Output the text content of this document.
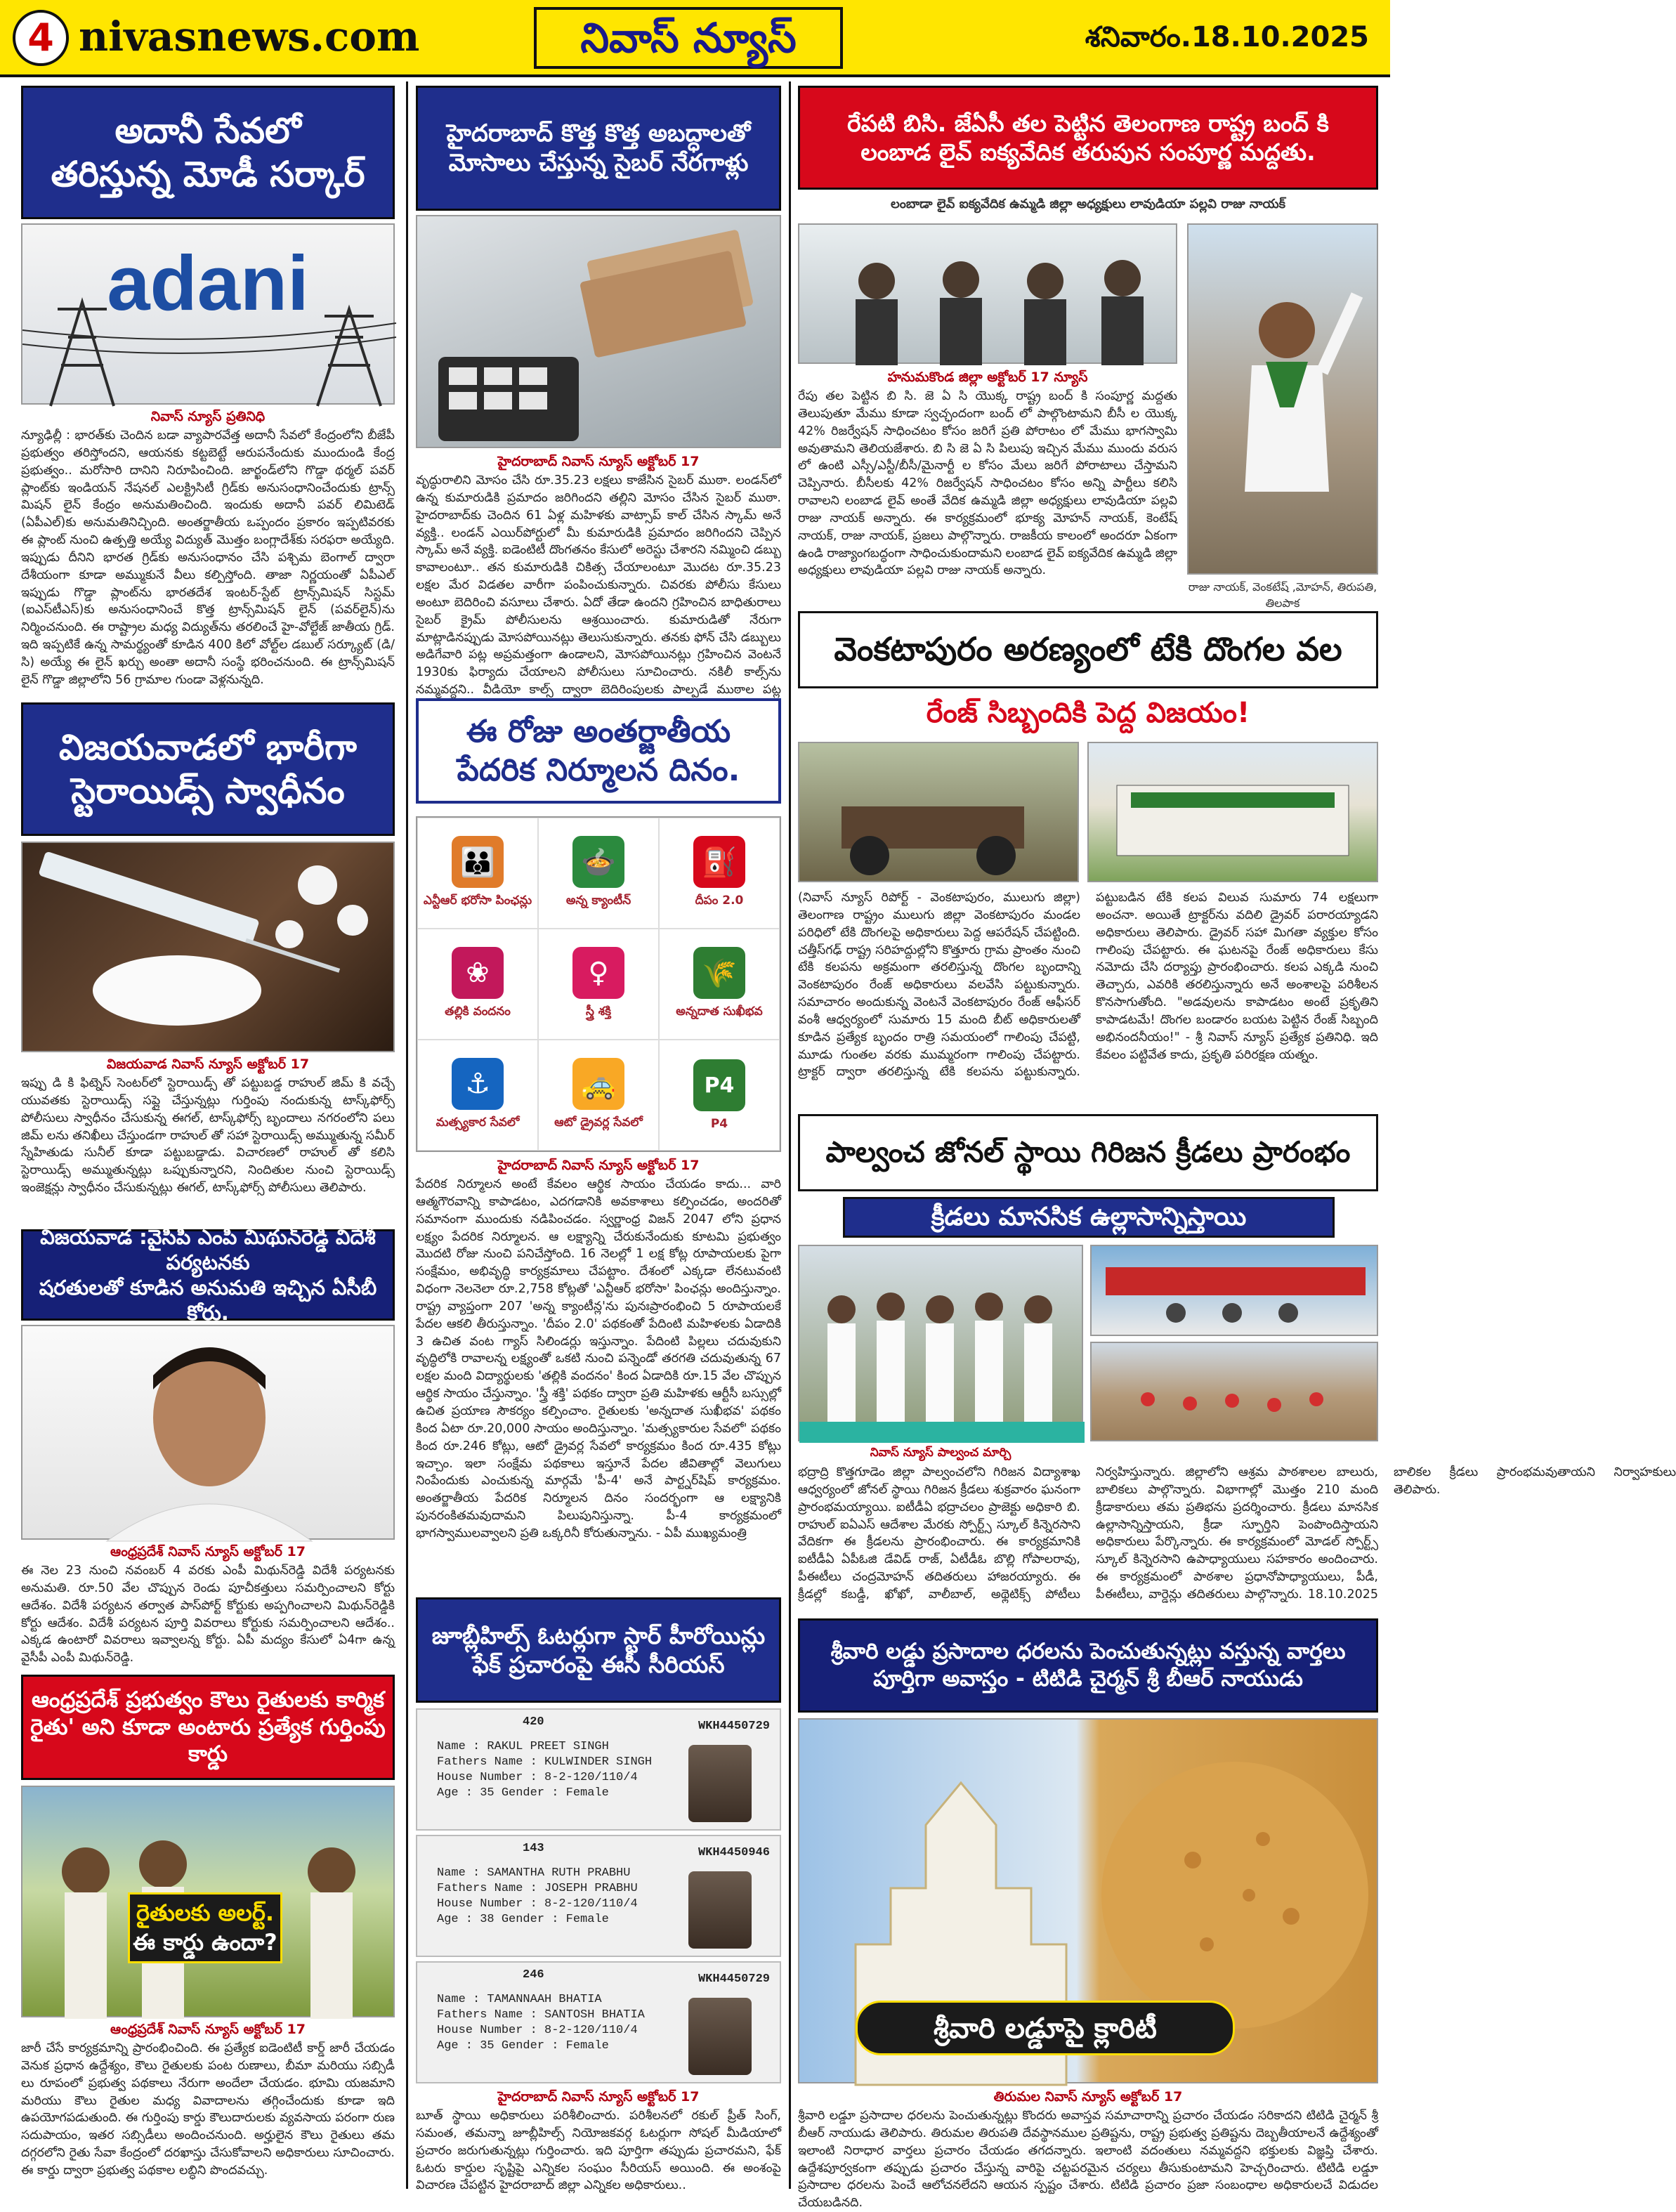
4 nivasnews.com	నివాస్ న్యూస్	శనివారం.18.10.2025
అదానీ సేవలో
తరిస్తున్న మోడీ సర్కార్
adani
నివాస్ న్యూస్ ప్రతినిధి
న్యూఢిల్లీ : భారత్‌కు చెందిన బడా వ్యాపారవేత్త అదానీ సేవలో కేంద్రంలోని బీజేపీ ప్రభుత్వం తరిస్తోందని, ఆయనకు కట్టబెట్టే ఆరుపనేందుకు ముందుండి కేంద్ర ప్రభుత్వం.. మరోసారి దానిని నిరూపించింది. జార్ఖండ్‌లోని గొడ్డా థర్మల్ పవర్ ప్లాంట్‌కు ఇండియన్ నేషనల్ ఎలక్ట్రిసిటీ గ్రిడ్‌కు అనుసంధానించేందుకు ట్రాన్స్ మిషన్ లైన్‌ కేంద్రం అనుమతించింది. ఇందుకు అదానీ పవర్ లిమిటెడ్ (ఏపీఎల్)కు అనుమతినిచ్చింది. అంతర్జాతీయ ఒప్పందం ప్రకారం ఇప్పటివరకు ఈ ప్లాంట్ నుంచి ఉత్పత్తి అయ్యే విద్యుత్ మొత్తం బంగ్లాదేశ్‌కు సరఫరా అయ్యేది. ఇప్పుడు దీనిని భారత గ్రిడ్‌కు అనుసంధానం చేసి పశ్చిమ బెంగాల్ ద్వారా దేశీయంగా కూడా అమ్ముకునే వీలు కల్పిస్తోంది. తాజా నిర్ణయంతో ఏపీఎల్ ఇప్పుడు గొడ్డా ప్లాంట్‌ను భారతదేశ ఇంటర్-స్టేట్ ట్రాన్స్‌మిషన్ సిస్టమ్ (ఐఎస్‌టీఎస్)కు అనుసంధానించే కొత్త ట్రాన్స్‌మిషన్ లైన్ (పవర్‌లైన్)ను నిర్మించనుంది. ఈ రాష్ట్రాల మధ్య విద్యుత్‌ను తరలించే హై-వోల్టేజ్ జాతీయ గ్రిడ్. ఇది ఇప్పటికే ఉన్న సామర్థ్యంతో కూడిన 400 కిలో వోల్ట్‌ల డబుల్ సర్క్యూట్ (డి/సి) అయ్యే ఈ లైన్ ఖర్చు అంతా అదానీ సంస్థే భరించనుంది. ఈ ట్రాన్స్‌మిషన్ లైన్ గొడ్డా జిల్లాలోని 56 గ్రామాల గుండా వెళ్లనున్నది.
విజయవాడలో భారీగా
స్టెరాయిడ్స్ స్వాధీనం
విజయవాడ నివాస్ న్యూస్ అక్టోబర్ 17
ఇప్పు డి కి ఫిట్నెస్ సెంటర్‌లో స్టెరాయిడ్స్ తో పట్టుబడ్డ రాహుల్ జిమ్ కి వచ్చే యువతకు స్టెరాయిడ్స్ సప్లై చేస్తున్నట్లు గుర్తింపు నందుకున్న టాస్క్‌ఫోర్స్ పోలీసులు స్వాధీనం చేసుకున్న ఈగల్, టాస్క్‌ఫోర్స్ బృందాలు నగరంలోని పలు జిమ్ లను తనిఖీలు చేస్తుండగా రాహుల్ తో సహా స్టెరాయిడ్స్ అమ్ముతున్న సమీర్ స్నేహితుడు సునీల్ కూడా పట్టుబడ్డాడు. విచారణలో రాహుల్ తో కలిసి స్టెరాయిడ్స్ అమ్ముతున్నట్లు ఒప్పుకున్నారని, నిందితుల నుంచి స్టెరాయిడ్స్ ఇంజెక్షన్లు స్వాధీనం చేసుకున్నట్లు ఈగల్, టాస్క్‌ఫోర్స్ పోలీసులు తెలిపారు.
విజయవాడ :వైసీపీ ఎంపీ మిథున్‌రెడ్డి విదేశీ పర్యటనకు
షరతులతో కూడిన అనుమతి ఇచ్చిన ఏసీబీ కోర్టు.
ఆంధ్రప్రదేశ్ నివాస్ న్యూస్ అక్టోబర్ 17
ఈ నెల 23 నుంచి నవంబర్ 4 వరకు ఎంపీ మిథున్‌రెడ్డి విదేశీ పర్యటనకు అనుమతి. రూ.50 వేల చొప్పున రెండు పూచీకత్తులు సమర్పించాలని కోర్టు ఆదేశం. విదేశీ పర్యటన తర్వాత పాస్‌పోర్ట్ కోర్టుకు అప్పగించాలని మిథున్‌రెడ్డికి కోర్టు ఆదేశం. విదేశీ పర్యటన పూర్తి వివరాలు కోర్టుకు సమర్పించాలని ఆదేశం.. ఎక్కడ ఉంటారో వివరాలు ఇవ్వాలన్న కోర్టు. ఏపీ మద్యం కేసులో ఏ4గా ఉన్న వైసీపీ ఎంపీ మిథున్‌రెడ్డి.
ఆంధ్రప్రదేశ్ ప్రభుత్వం కౌలు రైతులకు కార్మిక
రైతు' అని కూడా అంటారు ప్రత్యేక గుర్తింపు కార్డు
రైతులకు అలర్ట్.
ఈ కార్డు ఉందా?
ఆంధ్రప్రదేశ్ నివాస్ న్యూస్ అక్టోబర్ 17
జారీ చేసే కార్యక్రమాన్ని ప్రారంభించింది. ఈ ప్రత్యేక ఐడెంటిటీ కార్డ్ జారీ చేయడం వెనుక ప్రధాన ఉద్దేశ్యం, కౌలు రైతులకు పంట రుణాలు, బీమా మరియు సబ్సిడీ లు రూపంలో ప్రభుత్వ పథకాలు నేరుగా అందేలా చేయడం. భూమి యజమాని మరియు కౌలు రైతుల మధ్య వివాదాలను తగ్గించేందుకు కూడా ఇది ఉపయోగపడుతుంది. ఈ గుర్తింపు కార్డు కౌలుదారులకు వ్యవసాయ పరంగా రుణ సదుపాయం, ఇతర సబ్సిడీలు అందించనుంది. అర్హులైన కౌలు రైతులు తమ దగ్గరలోని రైతు సేవా కేంద్రంలో దరఖాస్తు చేసుకోవాలని అధికారులు సూచించారు. ఈ కార్డు ద్వారా ప్రభుత్వ పథకాల లబ్ధిని పొందవచ్చు.
హైదరాబాద్ కొత్త కొత్త అబద్ధాలతో
మోసాలు చేస్తున్న సైబర్ నేరగాళ్లు
హైదరాబాద్ నివాస్ న్యూస్ అక్టోబర్ 17
వృద్ధురాలిని మోసం చేసి రూ.35.23 లక్షలు కాజేసిన సైబర్ ముఠా. లండన్‌లో ఉన్న కుమారుడికి ప్రమాదం జరిగిందని తల్లిని మోసం చేసిన సైబర్ ముఠా. హైదరాబాద్‌కు చెందిన 61 ఏళ్ల మహిళకు వాట్సాప్ కాల్ చేసిన స్కామ్ అనే వ్యక్తి.. లండన్ ఎయిర్‌పోర్టులో మీ కుమారుడికి ప్రమాదం జరిగిందని చెప్పిన స్కామ్ అనే వ్యక్తి. ఐడెంటిటీ దొంగతనం కేసులో అరెస్టు చేశారని నమ్మించి డబ్బు కావాలంటూ.. తన కుమారుడికి చికిత్స చేయాలంటూ మొదట రూ.35.23 లక్షల మేర విడతల వారీగా పంపించుకున్నారు. చివరకు పోలీసు కేసులు అంటూ బెదిరించి వసూలు చేశారు. ఏదో తేడా ఉందని గ్రహించిన బాధితురాలు సైబర్ క్రైమ్ పోలీసులను ఆశ్రయించారు. కుమారుడితో నేరుగా మాట్లాడినప్పుడు మోసపోయినట్లు తెలుసుకున్నారు. తనకు ఫోన్ చేసి డబ్బులు అడిగేవారి పట్ల అప్రమత్తంగా ఉండాలని, మోసపోయినట్లు గ్రహించిన వెంటనే 1930కు ఫిర్యాదు చేయాలని పోలీసులు సూచించారు. నకిలీ కాల్స్‌ను నమ్మవద్దని.. వీడియో కాల్స్ ద్వారా బెదిరింపులకు పాల్పడే ముఠాల పట్ల
ఈ రోజు అంతర్జాతీయ
పేదరిక నిర్మూలన దినం.
👪
ఎన్టీఆర్ భరోసా పింఛన్లు
🍲
అన్న క్యాంటీన్
⛽
దీపం 2.0
❀
తల్లికి వందనం
♀
స్త్రీ శక్తి
🌾
అన్నదాత సుఖీభవ
⚓
మత్స్యకార సేవలో
🚕
ఆటో డ్రైవర్ల సేవలో
P4
P4
హైదరాబాద్ నివాస్ న్యూస్ అక్టోబర్ 17
పేదరిక నిర్మూలన అంటే కేవలం ఆర్థిక సాయం చేయడం కాదు... వారి ఆత్మగౌరవాన్ని కాపాడటం, ఎదగడానికి అవకాశాలు కల్పించడం, అందరితో సమానంగా ముందుకు నడిపించడం. స్వర్ణాంధ్ర విజన్ 2047 లోని ప్రధాన లక్ష్యం పేదరిక నిర్మూలన. ఆ లక్ష్యాన్ని చేరుకునేందుకు కూటమి ప్రభుత్వం మొదటి రోజు నుంచి పనిచేస్తోంది. 16 నెలల్లో 1 లక్ష కోట్ల రూపాయలకు పైగా సంక్షేమం, అభివృద్ధి కార్యక్రమాలు చేపట్టాం. దేశంలో ఎక్కడా లేనటువంటి విధంగా నెలనెలా రూ.2,758 కోట్లతో 'ఎన్టీఆర్ భరోసా' పింఛన్లు అందిస్తున్నాం. రాష్ట్ర వ్యాప్తంగా 207 'అన్న క్యాంటీన్ల'ను పునఃప్రారంభించి 5 రూపాయలకే పేదల ఆకలి తీరుస్తున్నాం. 'దీపం 2.0' పథకంతో పేదింటి మహిళలకు ఏడాదికి 3 ఉచిత వంట గ్యాస్ సిలిండర్లు ఇస్తున్నాం. పేదింటి పిల్లలు చదువుకుని వృద్ధిలోకి రావాలన్న లక్ష్యంతో ఒకటి నుంచి పన్నెండో తరగతి చదువుతున్న 67 లక్షల మంది విద్యార్థులకు 'తల్లికి వందనం' కింద ఏడాదికి రూ.15 వేల చొప్పున ఆర్థిక సాయం చేస్తున్నాం. 'స్త్రీ శక్తి' పథకం ద్వారా ప్రతి మహిళకు ఆర్టీసీ బస్సుల్లో ఉచిత ప్రయాణ సౌకర్యం కల్పించాం. రైతులకు 'అన్నదాత సుఖీభవ' పథకం కింద ఏటా రూ.20,000 సాయం అందిస్తున్నాం. 'మత్స్యకారుల సేవలో' పథకం కింద రూ.246 కోట్లు, ఆటో డ్రైవర్ల సేవలో కార్యక్రమం కింద రూ.435 కోట్లు ఇచ్చాం. ఇలా సంక్షేమ పథకాలు ఇస్తూనే పేదల జీవితాల్లో వెలుగులు నింపేందుకు ఎంచుకున్న మార్గమే 'పీ-4' అనే పార్ట్నర్‌షిప్ కార్యక్రమం. అంతర్జాతీయ పేదరిక నిర్మూలన దినం సందర్భంగా ఆ లక్ష్యానికి పునరంకితమవుదామని పిలుపునిస్తున్నా. పీ-4 కార్యక్రమంలో భాగస్వాములవ్వాలని ప్రతి ఒక్కరినీ కోరుతున్నాను. - ఏపీ ముఖ్యమంత్రి
జూబ్లీహిల్స్ ఓటర్లుగా స్టార్ హీరోయిన్లు
ఫేక్ ప్రచారంపై ఈసీ సీరియస్
420	WKH4450729
Name : RAKUL PREET SINGH
Fathers Name : KULWINDER SINGH
House Number : 8-2-120/110/4
Age : 35 Gender : Female
143	WKH4450946
Name : SAMANTHA RUTH PRABHU
Fathers Name : JOSEPH PRABHU
House Number : 8-2-120/110/4
Age : 38 Gender : Female
246	WKH4450729
Name : TAMANNAAH BHATIA
Fathers Name : SANTOSH BHATIA
House Number : 8-2-120/110/4
Age : 35 Gender : Female
హైదరాబాద్ నివాస్ న్యూస్ అక్టోబర్ 17
బూత్ స్థాయి అధికారులు పరిశీలించారు. పరిశీలనలో రకుల్ ప్రీత్ సింగ్, సమంత, తమన్నా జూబ్లీహిల్స్ నియోజకవర్గ ఓటర్లుగా సోషల్ మీడియాలో ప్రచారం జరుగుతున్నట్లు గుర్తించారు. ఇది పూర్తిగా తప్పుడు ప్రచారమని, ఫేక్ ఓటరు కార్డుల సృష్టిపై ఎన్నికల సంఘం సీరియస్ అయింది. ఈ అంశంపై విచారణ చేపట్టిన హైదరాబాద్ జిల్లా ఎన్నికల అధికారులు..
రేపటి బిసి. జేఏసీ తల పెట్టిన తెలంగాణ రాష్ట్ర బంద్ కి
లంబాడ లైవ్ ఐక్యవేదిక తరుపున సంపూర్ణ మద్దతు.
లంబాడా లైవ్ ఐక్యవేదిక ఉమ్మడి జిల్లా అధ్యక్షులు లావుడియా పల్లవి రాజు నాయక్
రాజు నాయక్, వెంకటేష్ ,మోహన్, తిరుపతి, తిలపాక
హనుమకొండ జిల్లా అక్టోబర్ 17 న్యూస్
రేపు తల పెట్టిన బి సి. జె ఏ సి యొక్క రాష్ట్ర బంద్ కి సంపూర్ణ మద్దతు తెలుపుతూ మేము కూడా స్వచ్ఛందంగా బంద్ లో పాల్గొంటామని బీసీ ల యొక్క 42% రిజర్వేషన్ సాధించటం కోసం జరిగే ప్రతి పోరాటం లో మేము భాగస్వామి అవుతామని తెలియజేశారు. బి సి జె ఏ సి పిలుపు ఇచ్చిన మేము ముందు వరుస లో ఉంటి ఎస్సీ/ఎస్టీ/బీసీ/మైనార్టీ ల కోసం మేలు జరిగే పోరాటాలు చేస్తామని చెప్పినారు. బీసీలకు 42% రిజర్వేషన్ సాధించటం కోసం అన్ని పార్టీలు కలిసి రావాలని లంబాడ లైవ్ అంతే వేదిక ఉమ్మడి జిల్లా అధ్యక్షులు లావుడియా పల్లవి రాజు నాయక్ అన్నారు. ఈ కార్యక్రమంలో భూక్య మోహన్ నాయక్, కెంటేష్ నాయక్, రాజు నాయక్, ప్రజలు పాల్గొన్నారు. రాజకీయ కాలంలో అందరూ ఏకంగా ఉండి రాజ్యాంగబద్ధంగా సాధించుకుందామని లంబాడ లైవ్ ఐక్యవేదిక ఉమ్మడి జిల్లా అధ్యక్షులు లావుడియా పల్లవి రాజు నాయక్ అన్నారు.
వెంకటాపురం అరణ్యంలో టేకి దొంగల వల
రేంజ్ సిబ్బందికి పెద్ద విజయం!
(నివాస్ న్యూస్ రిపోర్ట్ - వెంకటాపురం, ములుగు జిల్లా) తెలంగాణ రాష్ట్రం ములుగు జిల్లా వెంకటాపురం మండల పరిధిలో టేకి దొంగలపై అధికారులు పెద్ద ఆపరేషన్ చేపట్టింది. చత్తీస్‌గఢ్ రాష్ట్ర సరిహద్దుల్లోని కొత్తూరు గ్రామ ప్రాంతం నుంచి టేకి కలపను అక్రమంగా తరలిస్తున్న దొంగల బృందాన్ని వెంకటాపురం రేంజ్ అధికారులు వలవేసి పట్టుకున్నారు. సమాచారం అందుకున్న వెంటనే వెంకటాపురం రేంజ్ ఆఫీసర్ వంశీ ఆధ్వర్యంలో సుమారు 15 మంది బీట్ అధికారులతో కూడిన ప్రత్యేక బృందం రాత్రి సమయంలో గాలింపు చేపట్టి, మూడు గుంతల వరకు ముమ్మరంగా గాలింపు చేపట్టారు. ట్రాక్టర్ ద్వారా తరలిస్తున్న టేకి కలపను పట్టుకున్నారు. పట్టుబడిన టేకి కలప విలువ సుమారు 74 లక్షలుగా అంచనా. అయితే ట్రాక్టర్‌ను వదిలి డ్రైవర్ పరారయ్యాడని అధికారులు తెలిపారు. డ్రైవర్ సహా మిగతా వ్యక్తుల కోసం గాలింపు చేపట్టారు. ఈ ఘటనపై రేంజ్ అధికారులు కేసు నమోదు చేసి దర్యాప్తు ప్రారంభించారు. కలప ఎక్కడి నుంచి తెచ్చారు, ఎవరికి తరలిస్తున్నారు అనే అంశాలపై పరిశీలన కొనసాగుతోంది. "అడవులను కాపాడటం అంటే ప్రకృతిని కాపాడటమే! దొంగల బండారం బయట పెట్టిన రేంజ్ సిబ్బంది అభినందనీయం!" - శ్రీ నివాస్ న్యూస్ ప్రత్యేక ప్రతినిధి. ఇది కేవలం పట్టివేత కాదు, ప్రకృతి పరిరక్షణ యత్నం.
పాల్వంచ జోనల్ స్థాయి గిరిజన క్రీడలు ప్రారంభం
క్రీడలు మానసిక ఉల్లాసాన్నిస్తాయి
నివాస్ న్యూస్ పాల్వంచ మార్చి
భద్రాద్రి కొత్తగూడెం జిల్లా పాల్వంచలోని గిరిజన విద్యాశాఖ ఆధ్వర్యంలో జోనల్ స్థాయి గిరిజన క్రీడలు శుక్రవారం ఘనంగా ప్రారంభమయ్యాయి. ఐటీడీఏ భద్రాచలం ప్రాజెక్టు అధికారి బి. రాహుల్ ఐఏఎస్ ఆదేశాల మేరకు స్పోర్ట్స్ స్కూల్ కిన్నెరసాని వేదికగా ఈ క్రీడలను ప్రారంభించారు. ఈ కార్యక్రమానికి ఐటీడీఏ ఏపీఓజి డేవిడ్ రాజ్, ఏటీడీఓ బొల్లి గోపాలరావు, పీఈటీలు చంద్రమోహన్ తదితరులు హాజరయ్యారు. ఈ క్రీడల్లో కబడ్డీ, ఖోఖో, వాలీబాల్, అథ్లెటిక్స్ పోటీలు నిర్వహిస్తున్నారు. జిల్లాలోని ఆశ్రమ పాఠశాలల బాలురు, బాలికలు పాల్గొన్నారు. విభాగాల్లో మొత్తం 210 మంది క్రీడాకారులు తమ ప్రతిభను ప్రదర్శించారు. క్రీడలు మానసిక ఉల్లాసాన్నిస్తాయని, క్రీడా స్ఫూర్తిని పెంపొందిస్తాయని అధికారులు పేర్కొన్నారు. ఈ కార్యక్రమంలో మోడల్ స్పోర్ట్స్ స్కూల్ కిన్నెరసాని ఉపాధ్యాయులు సహకారం అందించారు. ఈ కార్యక్రమంలో పాఠశాల ప్రధానోపాధ్యాయులు, పీడీ, పీఈటీలు, వార్డెన్లు తదితరులు పాల్గొన్నారు. 18.10.2025 బాలికల క్రీడలు ప్రారంభమవుతాయని నిర్వాహకులు తెలిపారు.
శ్రీవారి లడ్డు ప్రసాదాల ధరలను పెంచుతున్నట్లు వస్తున్న వార్తలు
పూర్తిగా అవాస్తం - టిటిడి చైర్మన్ శ్రీ బీఆర్ నాయుడు
శ్రీవారి లడ్డూపై క్లారిటీ
తిరుమల నివాస్ న్యూస్ అక్టోబర్ 17
శ్రీవారి లడ్డూ ప్రసాదాల ధరలను పెంచుతున్నట్లు కొందరు అవాస్తవ సమాచారాన్ని ప్రచారం చేయడం సరికాదని టిటిడి చైర్మన్ శ్రీ బీఆర్ నాయుడు తెలిపారు. తిరుమల తిరుపతి దేవస్థానముల ప్రతిష్టను, రాష్ట్ర ప్రభుత్వ ప్రతిష్టను దెబ్బతీయాలనే ఉద్దేశ్యంతో ఇలాంటి నిరాధార వార్తలు ప్రచారం చేయడం తగదన్నారు. ఇలాంటి వదంతులు నమ్మవద్దని భక్తులకు విజ్ఞప్తి చేశారు. ఉద్దేశపూర్వకంగా తప్పుడు ప్రచారం చేస్తున్న వారిపై చట్టపరమైన చర్యలు తీసుకుంటామని హెచ్చరించారు. టిటిడి లడ్డూ ప్రసాదాల ధరలను పెంచే ఆలోచనలేదని ఆయన స్పష్టం చేశారు. టిటిడి ప్రచారం ప్రజా సంబంధాల అధికారులచే విడుదల చేయబడినది.
